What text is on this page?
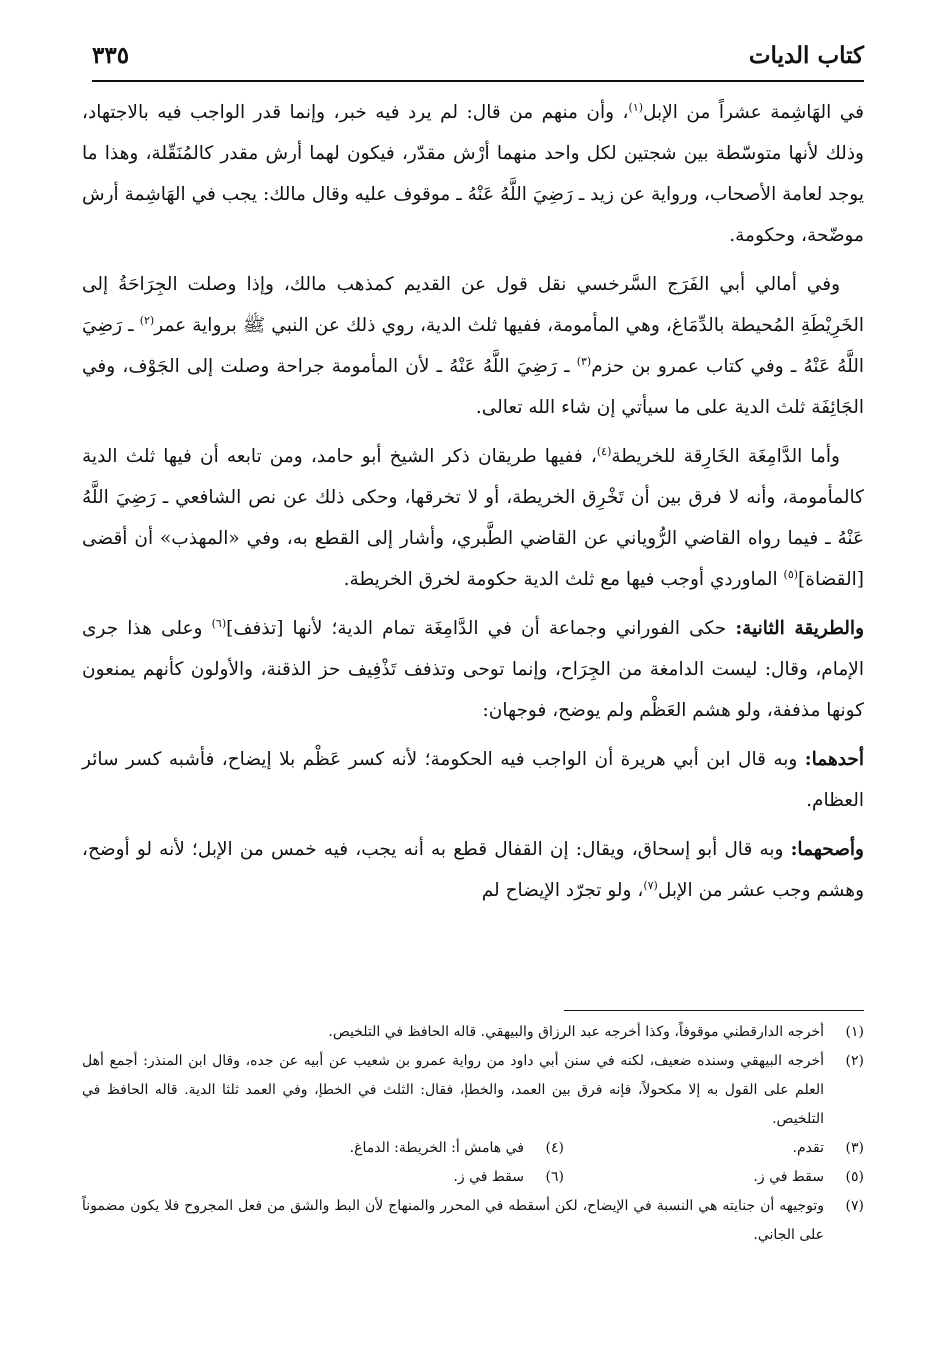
كتاب الديات
٣٣٥

في الهَاشِمة عشراً من الإبل$^{(١)}$، وأن منهم من قال: لم يرد فيه خبر، وإنما قدر الواجب فيه بالاجتهاد، وذلك لأنها متوسّطة بين شجتين لكل واحد منهما أرْش مقدّر، فيكون لهما أرش مقدر كالمُنَقّلة، وهذا ما يوجد لعامة الأصحاب، ورواية عن زيد ـ رَضِيَ اللَّهُ عَنْهُ ـ موقوف عليه وقال مالك: يجب في الهَاشِمة أرش موضّحة، وحكومة.

وفي أمالي أبي الفَرَج السَّرخسي نقل قول عن القديم كمذهب مالك، وإذا وصلت الجِرَاحَةُ إلى الخَرِيْطَةِ المُحيطة بالدِّمَاغ، وهي المأمومة، ففيها ثلث الدية، روي ذلك عن النبي ﷺ برواية عمر$^{(٢)}$ ـ رَضِيَ اللَّهُ عَنْهُ ـ وفي كتاب عمرو بن حزم$^{(٣)}$ ـ رَضِيَ اللَّهُ عَنْهُ ـ لأن المأمومة جراحة وصلت إلى الجَوْف، وفي الجَائِفَة ثلث الدية على ما سيأتي إن شاء الله تعالى.

وأما الدَّامِغَة الخَارِقة للخريطة$^{(٤)}$، ففيها طريقان ذكر الشيخ أبو حامد، ومن تابعه أن فيها ثلث الدية كالمأمومة، وأنه لا فرق بين أن تَخْرِق الخريطة، أو لا تخرقها، وحكى ذلك عن نص الشافعي ـ رَضِيَ اللَّهُ عَنْهُ ـ فيما رواه القاضي الرُّوياني عن القاضي الطَّبري، وأشار إلى القطع به، وفي «المهذب» أن أقضى [القضاة]$^{(٥)}$ الماوردي أوجب فيها مع ثلث الدية حكومة لخرق الخريطة.

والطريقة الثانية: حكى الفوراني وجماعة أن في الدَّامِغَة تمام الدية؛ لأنها [تذفف]$^{(٦)}$ وعلى هذا جرى الإمام، وقال: ليست الدامغة من الجِرَاح، وإنما توحى وتذفف تَذْفِيف حز الذقنة، والأولون كأنهم يمنعون كونها مذففة، ولو هشم العَظْم ولم يوضح، فوجهان:

أحدهما: وبه قال ابن أبي هريرة أن الواجب فيه الحكومة؛ لأنه كسر عَظْم بلا إيضاح، فأشبه كسر سائر العظام.

وأصحهما: وبه قال أبو إسحاق، ويقال: إن القفال قطع به أنه يجب، فيه خمس من الإبل؛ لأنه لو أوضح، وهشم وجب عشر من الإبل$^{(٧)}$، ولو تجرّد الإيضاح لم

(١)
أخرجه الدارقطني موقوفاً، وكذا أخرجه عبد الرزاق والبيهقي. قاله الحافظ في التلخيص.
(٢)
أخرجه البيهقي وسنده ضعيف، لكنه في سنن أبي داود من رواية عمرو بن شعيب عن أبيه عن جده، وقال ابن المنذر: أجمع أهل العلم على القول به إلا مكحولاً، فإنه فرق بين العمد، والخطإ، فقال: الثلث في الخطإ، وفي العمد ثلثا الدية. قاله الحافظ في التلخيص.
(٣)
تقدم.
(٤)
في هامش أ: الخريطة: الدماغ.
(٥)
سقط في ز.
(٦)
سقط في ز.
(٧)
وتوجيهه أن جنايته هي النسبة في الإيضاح، لكن أسقطه في المحرر والمنهاج لأن البط والشق من فعل المجروح فلا يكون مضموناً على الجاني.
